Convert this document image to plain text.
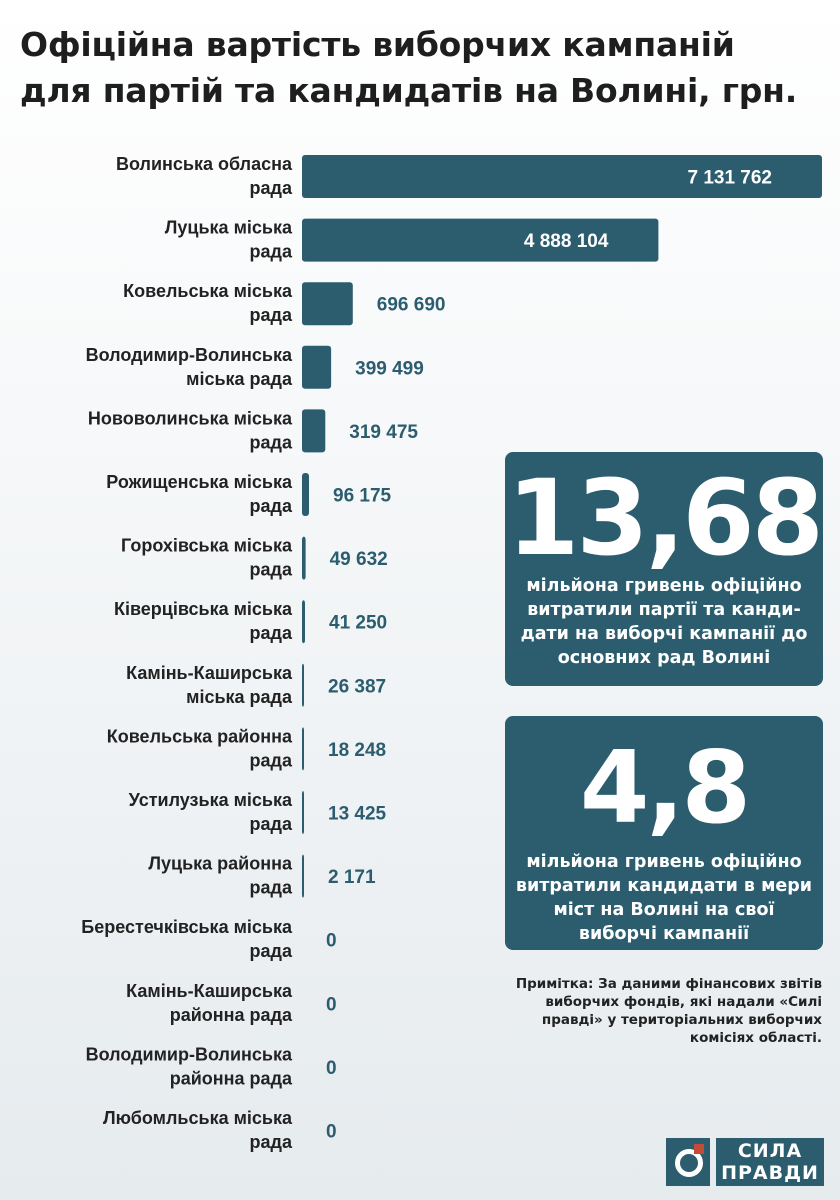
Офіційна вартість виборчих кампаній
для партій та кандидатів на Волині, грн.
Волинська обласна рада	7 131 762
Луцька міська рада	4 888 104
Ковельська міська рада	696 690
Володимир-Волинська міська рада	399 499
Нововолинська міська рада	319 475
Рожищенська міська рада 96 175
Горохівська міська рада 49 632
Ківерцівська міська рада 41 250
Камінь-Каширська міська рада 26 387
Ковельська районна рада 18 248
Устилузька міська рада 13 425
Луцька районна рада 2 171
Берестечківська міська рада 0
Камінь-Каширська районна рада 0
Володимир-Волинська районна рада 0
Любомльська міська рада 0
13,68
мільйона гривень офіційно витратили партії та канди-дати на виборчі кампанії до основних рад Волині
4,8
мільйона гривень офіційно витратили кандидати в мери міст на Волині на свої виборчі кампанії
Примітка: За даними фінансових звітів виборчих фондів, які надали «Силі правді» у територіальних виборчих комісіях області.
СИЛА
ПРАВДИ
